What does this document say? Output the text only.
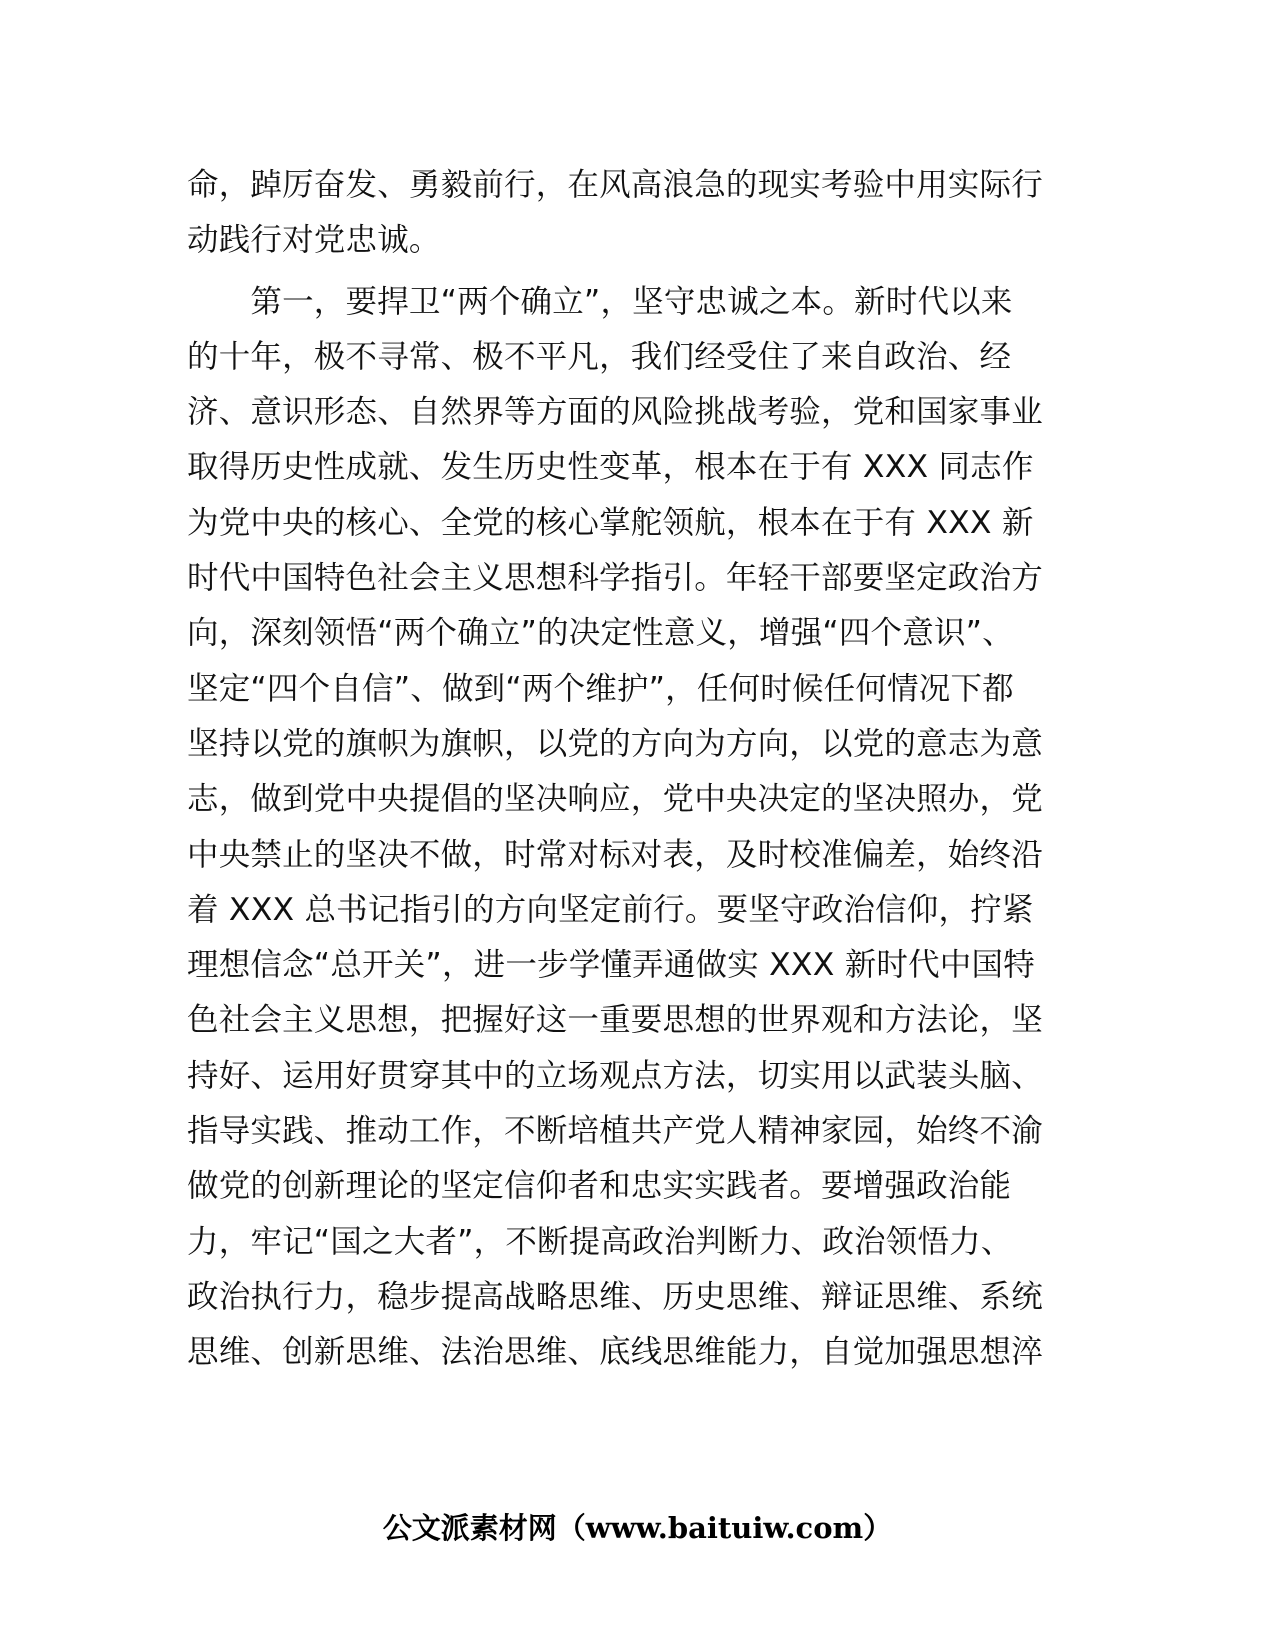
命，踔厉奋发、勇毅前行，在风高浪急的现实考验中用实际行
动践行对党忠诚。
　　第一，要捍卫“两个确立”，坚守忠诚之本。新时代以来
的十年，极不寻常、极不平凡，我们经受住了来自政治、经
济、意识形态、自然界等方面的风险挑战考验，党和国家事业
取得历史性成就、发生历史性变革，根本在于有 XXX 同志作
为党中央的核心、全党的核心掌舵领航，根本在于有 XXX 新
时代中国特色社会主义思想科学指引。年轻干部要坚定政治方
向，深刻领悟“两个确立”的决定性意义，增强“四个意识”、
坚定“四个自信”、做到“两个维护”，任何时候任何情况下都
坚持以党的旗帜为旗帜，以党的方向为方向，以党的意志为意
志，做到党中央提倡的坚决响应，党中央决定的坚决照办，党
中央禁止的坚决不做，时常对标对表，及时校准偏差，始终沿
着 XXX 总书记指引的方向坚定前行。要坚守政治信仰，拧紧
理想信念“总开关”，进一步学懂弄通做实 XXX 新时代中国特
色社会主义思想，把握好这一重要思想的世界观和方法论，坚
持好、运用好贯穿其中的立场观点方法，切实用以武装头脑、
指导实践、推动工作，不断培植共产党人精神家园，始终不渝
做党的创新理论的坚定信仰者和忠实实践者。要增强政治能
力，牢记“国之大者”，不断提高政治判断力、政治领悟力、
政治执行力，稳步提高战略思维、历史思维、辩证思维、系统
思维、创新思维、法治思维、底线思维能力，自觉加强思想淬
公文派素材网（www.baituiw.com）
